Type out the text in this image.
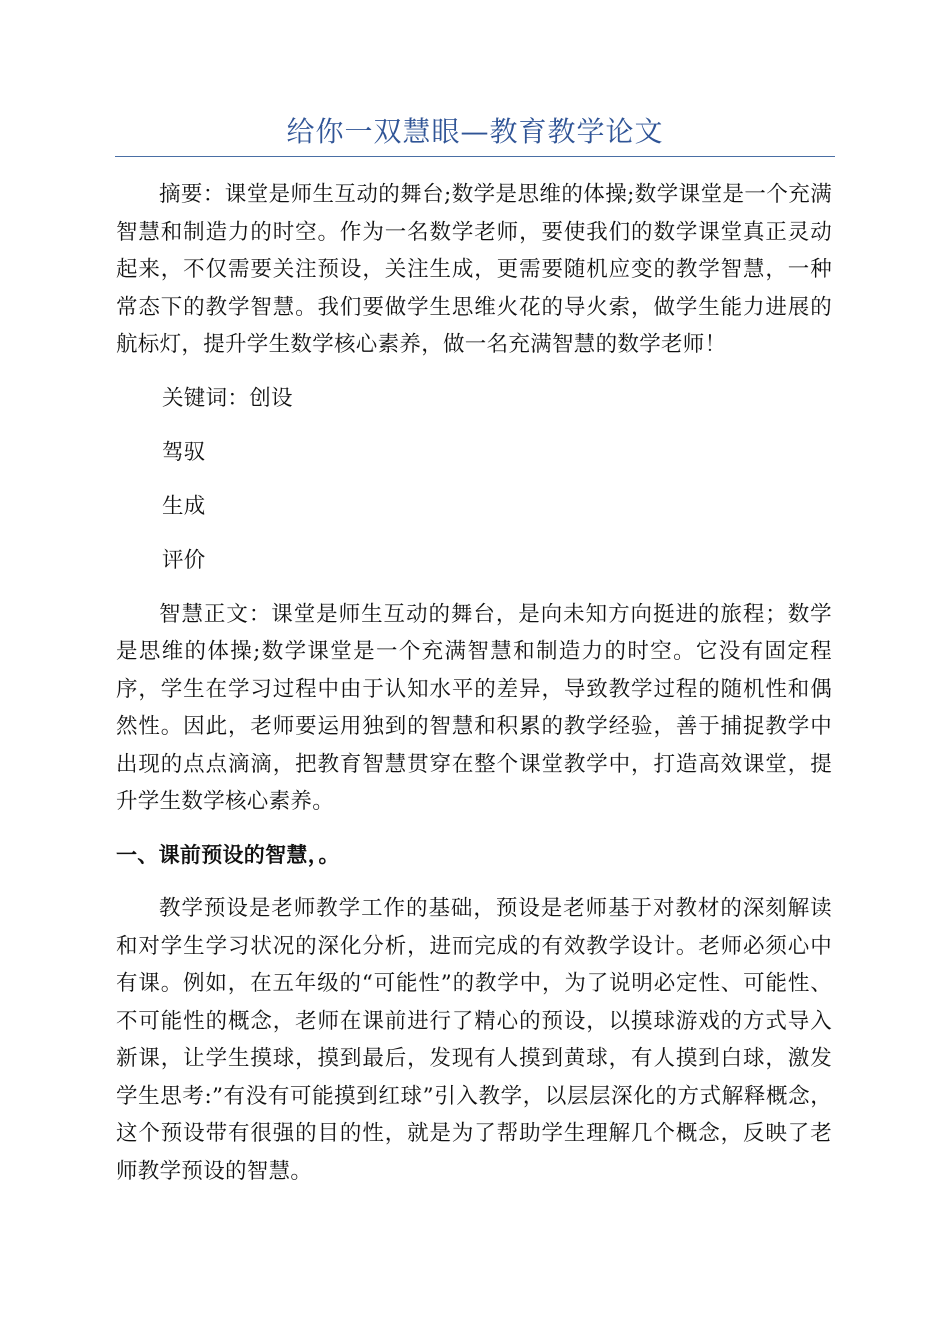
给你一双慧眼—教育教学论文

摘要：课堂是师生互动的舞台;数学是思维的体操;数学课堂是一个充满智慧和制造力的时空。作为一名数学老师，要使我们的数学课堂真正灵动起来，不仅需要关注预设，关注生成，更需要随机应变的教学智慧，一种常态下的教学智慧。我们要做学生思维火花的导火索，做学生能力进展的航标灯，提升学生数学核心素养，做一名充满智慧的数学老师！

关键词：创设

驾驭

生成

评价

智慧正文：课堂是师生互动的舞台，是向未知方向挺进的旅程；数学是思维的体操;数学课堂是一个充满智慧和制造力的时空。它没有固定程序，学生在学习过程中由于认知水平的差异，导致教学过程的随机性和偶然性。因此，老师要运用独到的智慧和积累的教学经验，善于捕捉教学中出现的点点滴滴，把教育智慧贯穿在整个课堂教学中，打造高效课堂，提升学生数学核心素养。

一、课前预设的智慧，。

教学预设是老师教学工作的基础，预设是老师基于对教材的深刻解读和对学生学习状况的深化分析，进而完成的有效教学设计。老师必须心中有课。例如，在五年级的“可能性”的教学中，为了说明必定性、可能性、不可能性的概念，老师在课前进行了精心的预设，以摸球游戏的方式导入新课，让学生摸球，摸到最后，发现有人摸到黄球，有人摸到白球，激发学生思考:”有没有可能摸到红球”引入教学，以层层深化的方式解释概念，这个预设带有很强的目的性，就是为了帮助学生理解几个概念，反映了老师教学预设的智慧。
